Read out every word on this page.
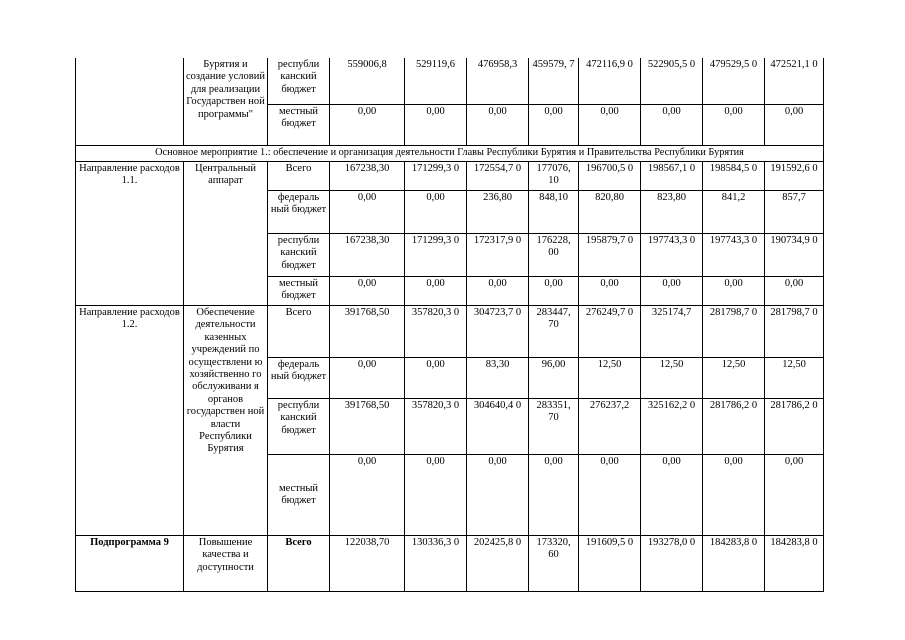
	Бурятия и создание условий для реализации Государствен ной программы"	республи канский бюджет	559006,8	529119,6	476958,3	459579, 7	472116,9 0	522905,5 0	479529,5 0	472521,1 0
		местный бюджет	0,00	0,00	0,00	0,00	0,00	0,00	0,00	0,00
Основное мероприятие 1.: обеспечение и организация деятельности Главы Республики Бурятия и Правительства Республики Бурятия										
Направление расходов 1.1.	Центральный аппарат	Всего	167238,30	171299,3 0	172554,7 0	177076, 10	196700,5 0	198567,1 0	198584,5 0	191592,6 0
		федераль ный бюджет	0,00	0,00	236,80	848,10	820,80	823,80	841,2	857,7
		республи канский бюджет	167238,30	171299,3 0	172317,9 0	176228, 00	195879,7 0	197743,3 0	197743,3 0	190734,9 0
		местный бюджет	0,00	0,00	0,00	0,00	0,00	0,00	0,00	0,00
Направление расходов 1.2.	Обеспечение деятельности казенных учреждений по осуществлени ю хозяйственно го обслуживани я органов государствен ной власти Республики Бурятия	Всего	391768,50	357820,3 0	304723,7 0	283447, 70	276249,7 0	325174,7	281798,7 0	281798,7 0
		федераль ный бюджет	0,00	0,00	83,30	96,00	12,50	12,50	12,50	12,50
		республи канский бюджет	391768,50	357820,3 0	304640,4 0	283351, 70	276237,2	325162,2 0	281786,2 0	281786,2 0
		местный бюджет	0,00	0,00	0,00	0,00	0,00	0,00	0,00	0,00
Подпрограмма 9	Повышение качества и доступности	Всего	122038,70	130336,3 0	202425,8 0	173320, 60	191609,5 0	193278,0 0	184283,8 0	184283,8 0
